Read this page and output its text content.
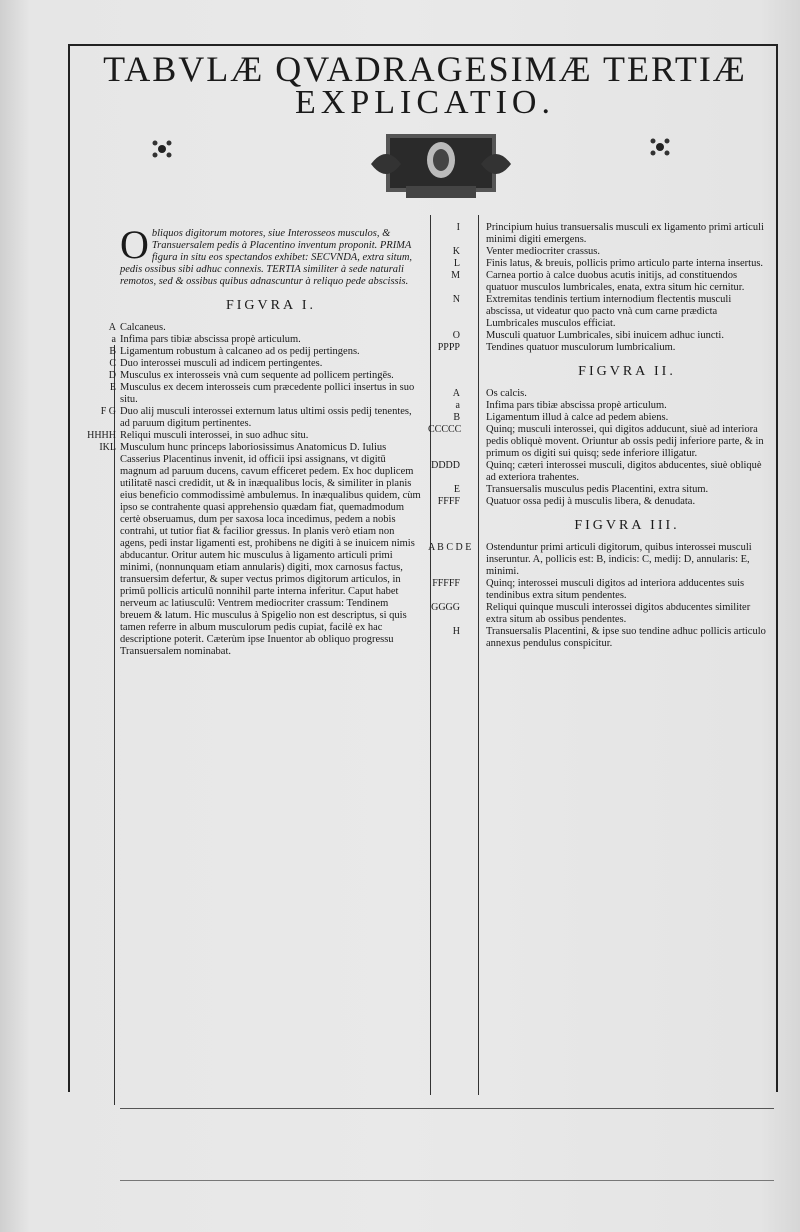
TABVLÆ QVADRAGESIMÆ TERTIÆ
EXPLICATIO.
O bliquos digitorum motores, siue Interosseos musculos, & Transuersalem pedis à Placentino inventum proponit. PRIMA figura in situ eos spectandos exhibet: SECVNDA, extra situm, pedis ossibus sibi adhuc connexis. TERTIA similiter à sede naturali remotos, sed & ossibus quibus adnascuntur à reliquo pede abscissis.
FIGVRA I.

A Calcaneus.

a Infima pars tibiæ abscissa propè articulum.

B Ligamentum robustum à calcaneo ad os pedij pertingens.

C Duo interossei musculi ad indicem pertingentes.

D Musculus ex interosseis vnà cum sequente ad pollicem pertingēs.

E Musculus ex decem interosseis cum præcedente pollici insertus in suo situ.

F G Duo alij musculi interossei externum latus ultimi ossis pedij tenentes, ad paruum digitum pertinentes.

HHHH Reliqui musculi interossei, in suo adhuc situ.

IKL Musculum hunc princeps laboriosissimus Anatomicus D. Iulius Casserius Placentinus invenit, id officii ipsi assignans, vt digitū magnum ad paruum ducens, cavum efficeret pedem. Ex hoc duplicem utilitatē nasci credidit, ut & in inæqualibus locis, & similiter in planis eius beneficio commodissimè ambulemus. In inæqualibus quidem, cùm ipso se contrahente quasi apprehensio quædam fiat, quemadmodum certè obseruamus, dum per saxosa loca incedimus, pedem a nobis contrahi, ut tutior fiat & facilior gressus. In planis verò etiam non agens, pedi instar ligamenti est, prohibens ne digiti à se inuicem nimis abducantur. Oritur autem hic musculus à ligamento articuli primi minimi, (nonnunquam etiam annularis) digiti, mox carnosus factus, transuersim defertur, & super vectus primos digitorum articulos, in primū pollicis articulū nonnihil parte interna inferitur. Caput habet nerveum ac latiusculū: Ventrem mediocriter crassum: Tendinem breuem & latum. Hic musculus à Spigelio non est descriptus, si quis tamen referre in album musculorum pedis cupiat, facilè ex hac descriptione poterit. Cæterùm ipse Inuentor ab obliquo progressu Transuersalem nominabat.

I Principium huius transuersalis musculi ex ligamento primi articuli minimi digiti emergens.

K Venter mediocriter crassus.

L Finis latus, & breuis, pollicis primo articulo parte interna insertus.

M Carnea portio à calce duobus acutis initijs, ad constituendos quatuor musculos lumbricales, enata, extra situm hic cernitur.

N Extremitas tendinis tertium internodium flectentis musculi abscissa, ut videatur quo pacto vnà cum carne prædicta Lumbricales musculos efficiat.

O Musculi quatuor Lumbricales, sibi inuicem adhuc iuncti.

PPPP Tendines quatuor musculorum lumbricalium.

FIGVRA II.

A Os calcis.

a Infima pars tibiæ abscissa propè articulum.

B Ligamentum illud à calce ad pedem abiens.

CCCCC Quinq; musculi interossei, qui digitos adducunt, siuè ad interiora pedis obliquè movent. Oriuntur ab ossis pedij inferiore parte, & in primum os digiti sui quisq; sede inferiore illigatur.

DDDD Quinq; cæteri interossei musculi, digitos abducentes, siuè obliquè ad exteriora trahentes.

E Transuersalis musculus pedis Placentini, extra situm.

FFFF Quatuor ossa pedij à musculis libera, & denudata.

FIGVRA III.

A B C D E Ostenduntur primi articuli digitorum, quibus interossei musculi inseruntur. A, pollicis est: B, indicis: C, medij: D, annularis: E, minimi.

FFFFF Quinq; interossei musculi digitos ad interiora adducentes suis tendinibus extra situm pendentes.

GGGG Reliqui quinque musculi interossei digitos abducentes similiter extra situm ab ossibus pendentes.

H Transuersalis Placentini, & ipse suo tendine adhuc pollicis articulo annexus pendulus conspicitur.
